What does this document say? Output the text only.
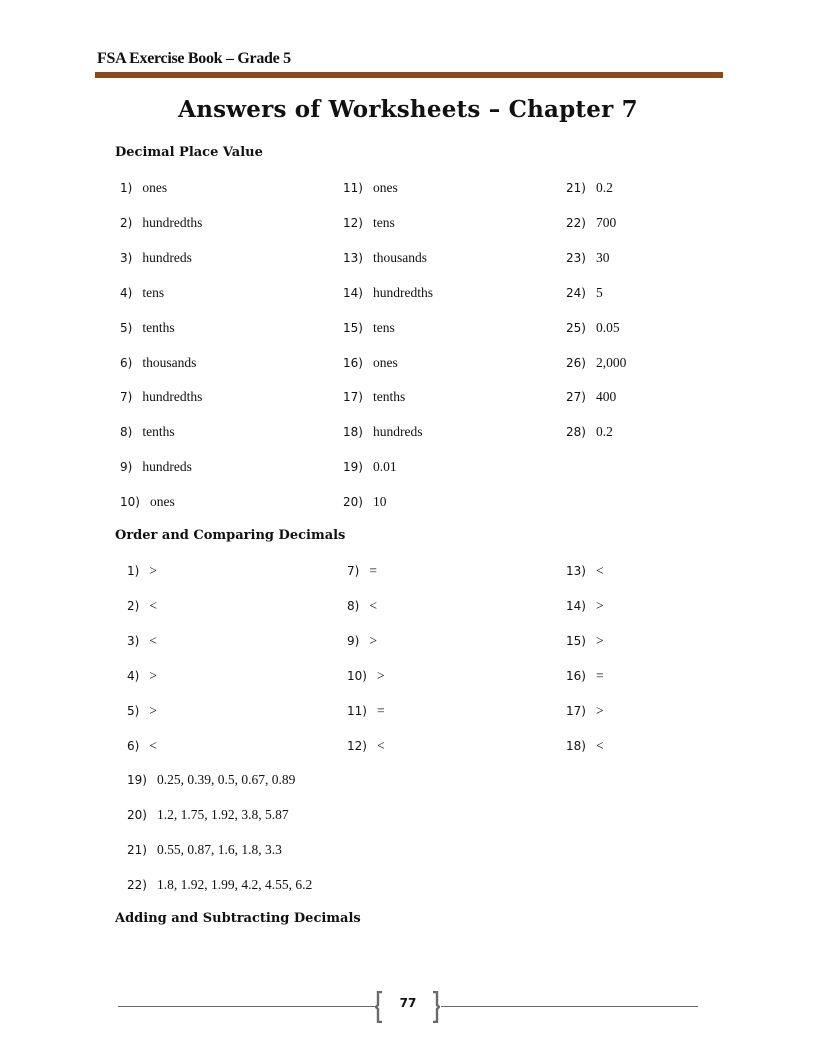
FSA Exercise Book – Grade 5
Answers of Worksheets – Chapter 7
Decimal Place Value
1) ones
2) hundredths
3) hundreds
4) tens
5) tenths
6) thousands
7) hundredths
8) tenths
9) hundreds
10) ones
11) ones
12) tens
13) thousands
14) hundredths
15) tens
16) ones
17) tenths
18) hundreds
19) 0.01
20) 10
21) 0.2
22) 700
23) 30
24) 5
25) 0.05
26) 2,000
27) 400
28) 0.2
Order and Comparing Decimals
1) >
2) <
3) <
4) >
5) >
6) <
7) =
8) <
9) >
10) >
11) =
12) <
13) <
14) >
15) >
16) =
17) >
18) <
19) 0.25, 0.39, 0.5, 0.67, 0.89
20) 1.2, 1.75, 1.92, 3.8, 5.87
21) 0.55, 0.87, 1.6, 1.8, 3.3
22) 1.8, 1.92, 1.99, 4.2, 4.55, 6.2
Adding and Subtracting Decimals
77
